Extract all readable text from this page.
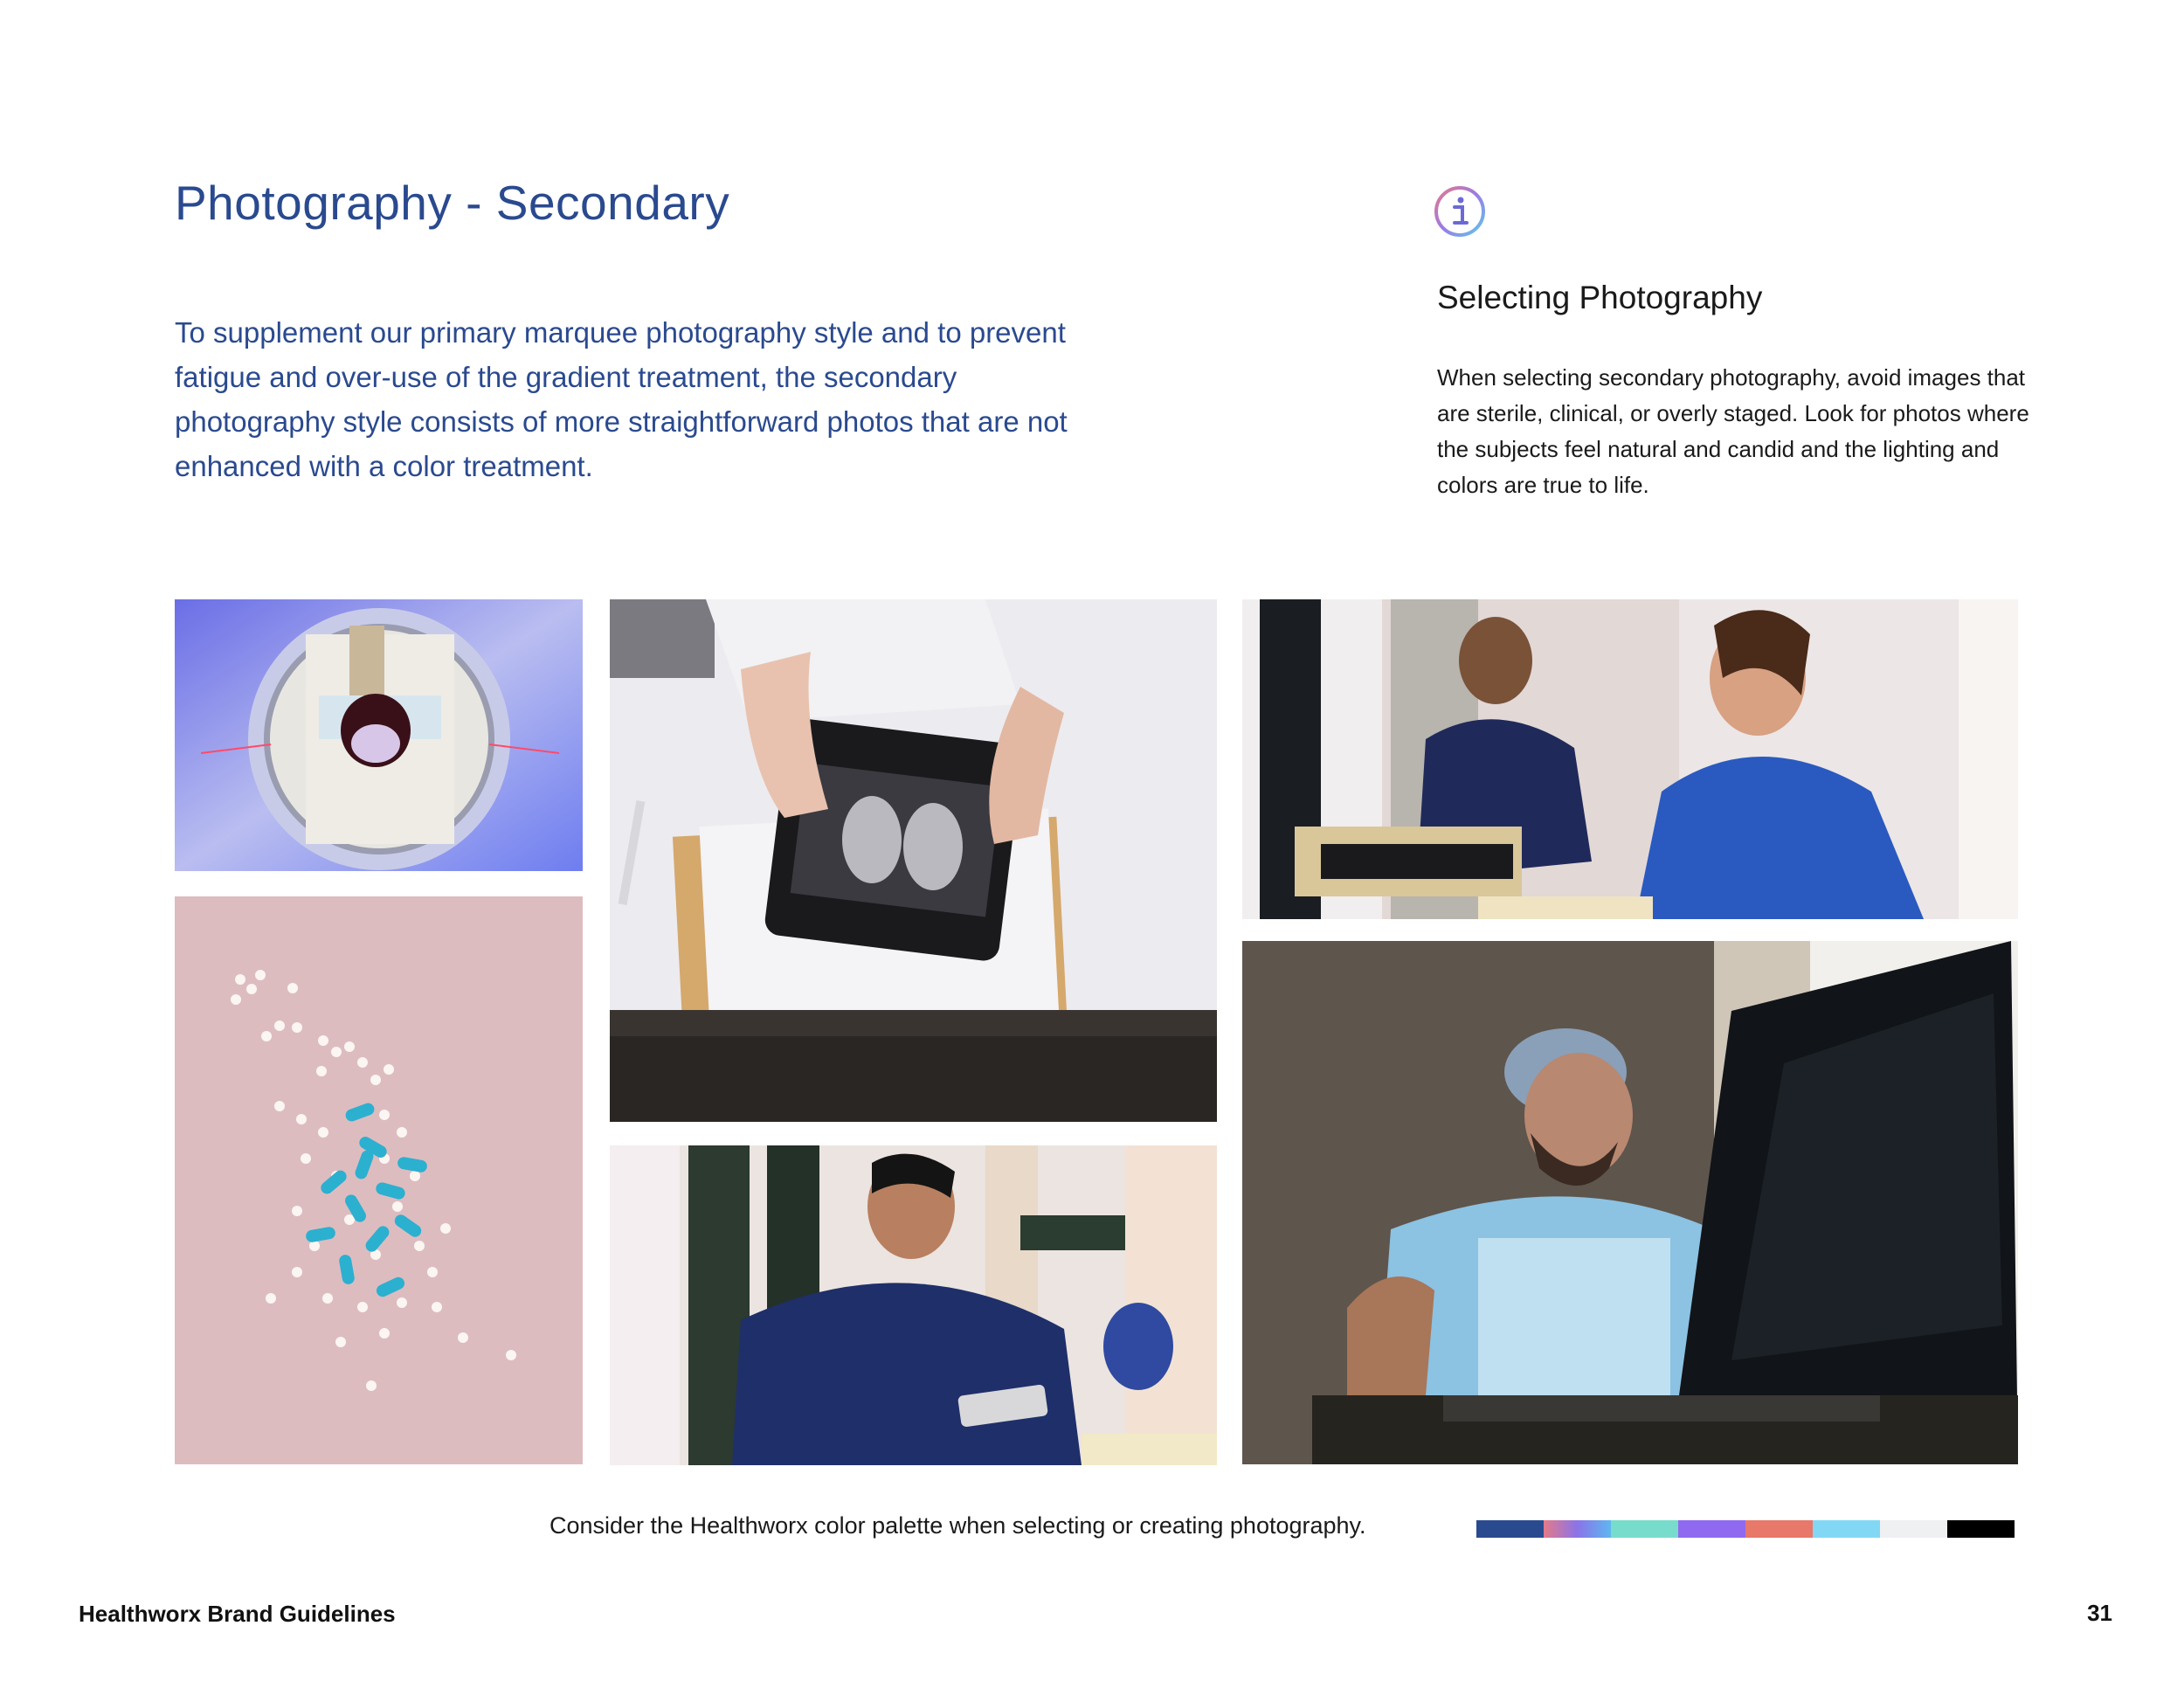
Photography - Secondary
To supplement our primary marquee photography style and to prevent fatigue and over-use of the gradient treatment, the secondary photography style consists of more straightforward photos that are not enhanced with a color treatment.
Selecting Photography
When selecting secondary photography, avoid images that are sterile, clinical, or overly staged. Look for photos where the subjects feel natural and candid and the lighting and colors are true to life.
Consider the Healthworx color palette when selecting or creating photography.
Healthworx Brand Guidelines	31
